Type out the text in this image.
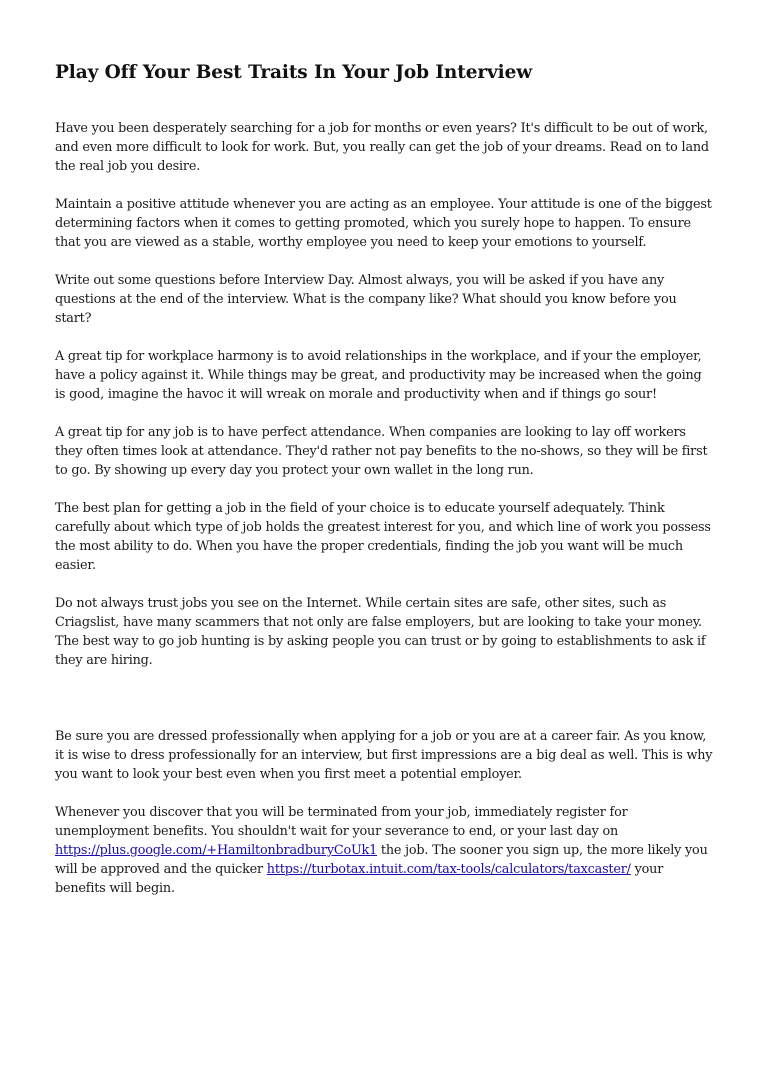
Play Off Your Best Traits In Your Job Interview

Have you been desperately searching for a job for months or even years? It's difficult to be out of work, and even more difficult to look for work. But, you really can get the job of your dreams. Read on to land the real job you desire.

Maintain a positive attitude whenever you are acting as an employee. Your attitude is one of the biggest determining factors when it comes to getting promoted, which you surely hope to happen. To ensure that you are viewed as a stable, worthy employee you need to keep your emotions to yourself.

Write out some questions before Interview Day. Almost always, you will be asked if you have any questions at the end of the interview. What is the company like? What should you know before you start?

A great tip for workplace harmony is to avoid relationships in the workplace, and if your the employer, have a policy against it. While things may be great, and productivity may be increased when the going is good, imagine the havoc it will wreak on morale and productivity when and if things go sour!

A great tip for any job is to have perfect attendance. When companies are looking to lay off workers they often times look at attendance. They'd rather not pay benefits to the no-shows, so they will be first to go. By showing up every day you protect your own wallet in the long run.

The best plan for getting a job in the field of your choice is to educate yourself adequately. Think carefully about which type of job holds the greatest interest for you, and which line of work you possess the most ability to do. When you have the proper credentials, finding the job you want will be much easier.

Do not always trust jobs you see on the Internet. While certain sites are safe, other sites, such as Criagslist, have many scammers that not only are false employers, but are looking to take your money. The best way to go job hunting is by asking people you can trust or by going to establishments to ask if they are hiring.

Be sure you are dressed professionally when applying for a job or you are at a career fair. As you know, it is wise to dress professionally for an interview, but first impressions are a big deal as well. This is why you want to look your best even when you first meet a potential employer.

Whenever you discover that you will be terminated from your job, immediately register for unemployment benefits. You shouldn't wait for your severance to end, or your last day on https://plus.google.com/+HamiltonbradburyCoUk1 the job. The sooner you sign up, the more likely you will be approved and the quicker https://turbotax.intuit.com/tax-tools/calculators/taxcaster/ your benefits will begin.
